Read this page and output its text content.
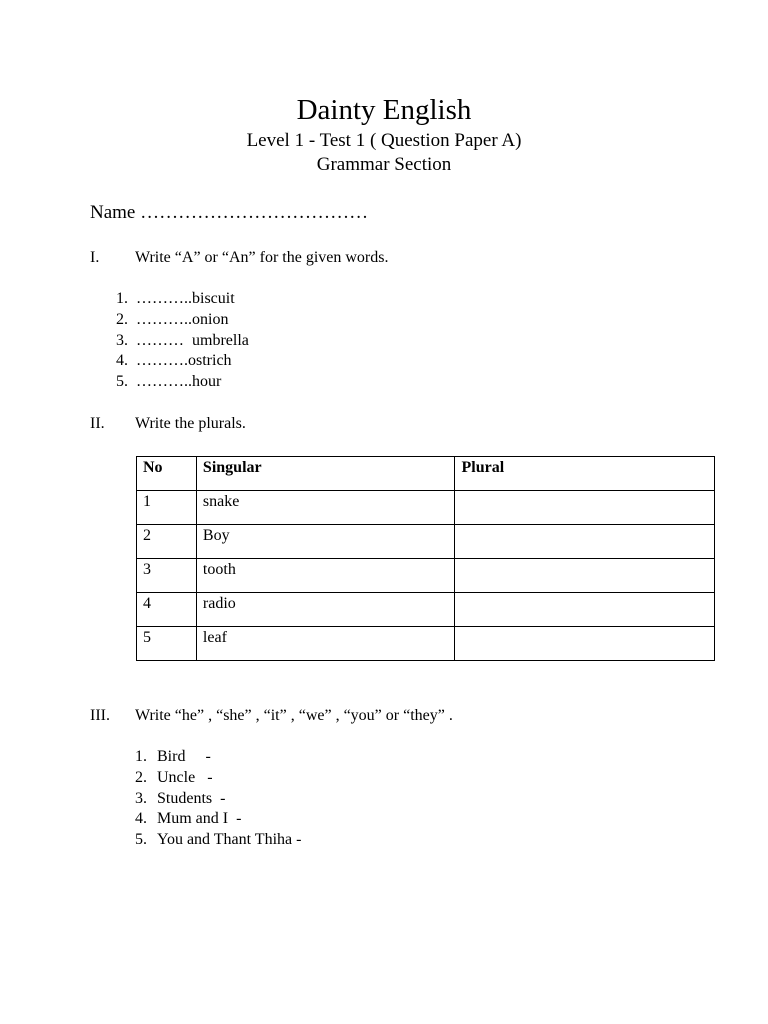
Dainty English
Level 1 - Test 1 ( Question Paper A)
Grammar Section
Name ………………………………
I. Write “A” or “An” for the given words.
1. ………..biscuit
2. ………..onion
3. ………  umbrella
4. ……….ostrich
5. ………..hour
II. Write the plurals.
No	Singular	Plural
1	snake	
2	Boy	
3	tooth	
4	radio	
5	leaf	
III. Write “he” , “she” , “it” , “we” , “you” or “they” .
1. Bird     -
2. Uncle   -
3. Students  -
4. Mum and I  -
5. You and Thant Thiha -
